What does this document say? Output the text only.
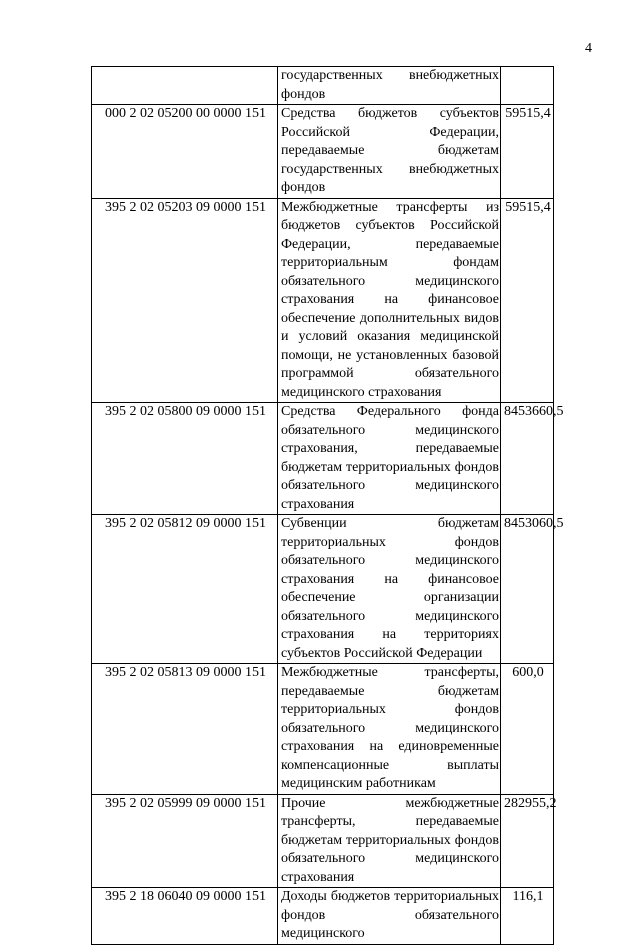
4
	государственных внебюджетных фондов	
000 2 02 05200 00 0000 151	Средства бюджетов субъектов Российской Федерации, передаваемые бюджетам государственных внебюджетных фондов	59515,4
395 2 02 05203 09 0000 151	Межбюджетные трансферты из бюджетов субъектов Российской Федерации, передаваемые территориальным фондам обязательного медицинского страхования на финансовое обеспечение дополнительных видов и условий оказания медицинской помощи, не установленных базовой программой обязательного медицинского страхования	59515,4
395 2 02 05800 09 0000 151	Средства Федерального фонда обязательного медицинского страхования, передаваемые бюджетам территориальных фондов обязательного медицинского страхования	8453660,5
395 2 02 05812 09 0000 151	Субвенции бюджетам территориальных фондов обязательного медицинского страхования на финансовое обеспечение организации обязательного медицинского страхования на территориях субъектов Российской Федерации	8453060,5
395 2 02 05813 09 0000 151	Межбюджетные трансферты, передаваемые бюджетам территориальных фондов обязательного медицинского страхования на единовременные компенсационные выплаты медицинским работникам	600,0
395 2 02 05999 09 0000 151	Прочие межбюджетные трансферты, передаваемые бюджетам территориальных фондов обязательного медицинского страхования	282955,2
395 2 18 06040 09 0000 151	Доходы бюджетов территориальных фондов обязательного медицинского	116,1
